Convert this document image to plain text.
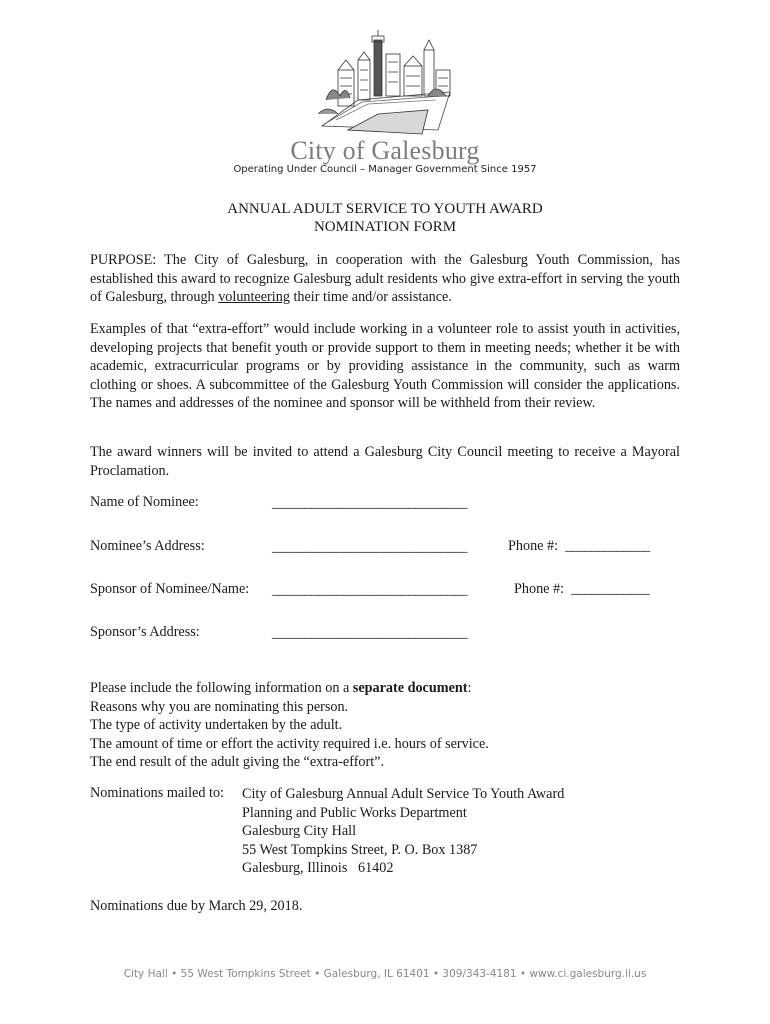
City of Galesburg
Operating Under Council – Manager Government Since 1957
ANNUAL ADULT SERVICE TO YOUTH AWARD
NOMINATION FORM

PURPOSE: The City of Galesburg, in cooperation with the Galesburg Youth Commission, has established this award to recognize Galesburg adult residents who give extra-effort in serving the youth of Galesburg, through volunteering their time and/or assistance.

Examples of that “extra-effort” would include working in a volunteer role to assist youth in activities, developing projects that benefit youth or provide support to them in meeting needs; whether it be with academic, extracurricular programs or by providing assistance in the community, such as warm clothing or shoes. A subcommittee of the Galesburg Youth Commission will consider the applications. The names and addresses of the nominee and sponsor will be withheld from their review.

The award winners will be invited to attend a Galesburg City Council meeting to receive a Mayoral Proclamation.

Name of Nominee:	______________________________
Nominee’s Address:	______________________________	Phone #: _____________
Sponsor of Nominee/Name: ______________________________	Phone #: ____________
Sponsor’s Address:	______________________________
Please include the following information on a separate document:
Reasons why you are nominating this person.
The type of activity undertaken by the adult.
The amount of time or effort the activity required i.e. hours of service.
The end result of the adult giving the “extra-effort”.
Nominations mailed to: City of Galesburg Annual Adult Service To Youth Award
Planning and Public Works Department
Galesburg City Hall
55 West Tompkins Street, P. O. Box 1387
Galesburg, Illinois   61402
Nominations due by March 29, 2018.
City Hall • 55 West Tompkins Street • Galesburg, IL 61401 • 309/343-4181 • www.ci.galesburg.il.us
